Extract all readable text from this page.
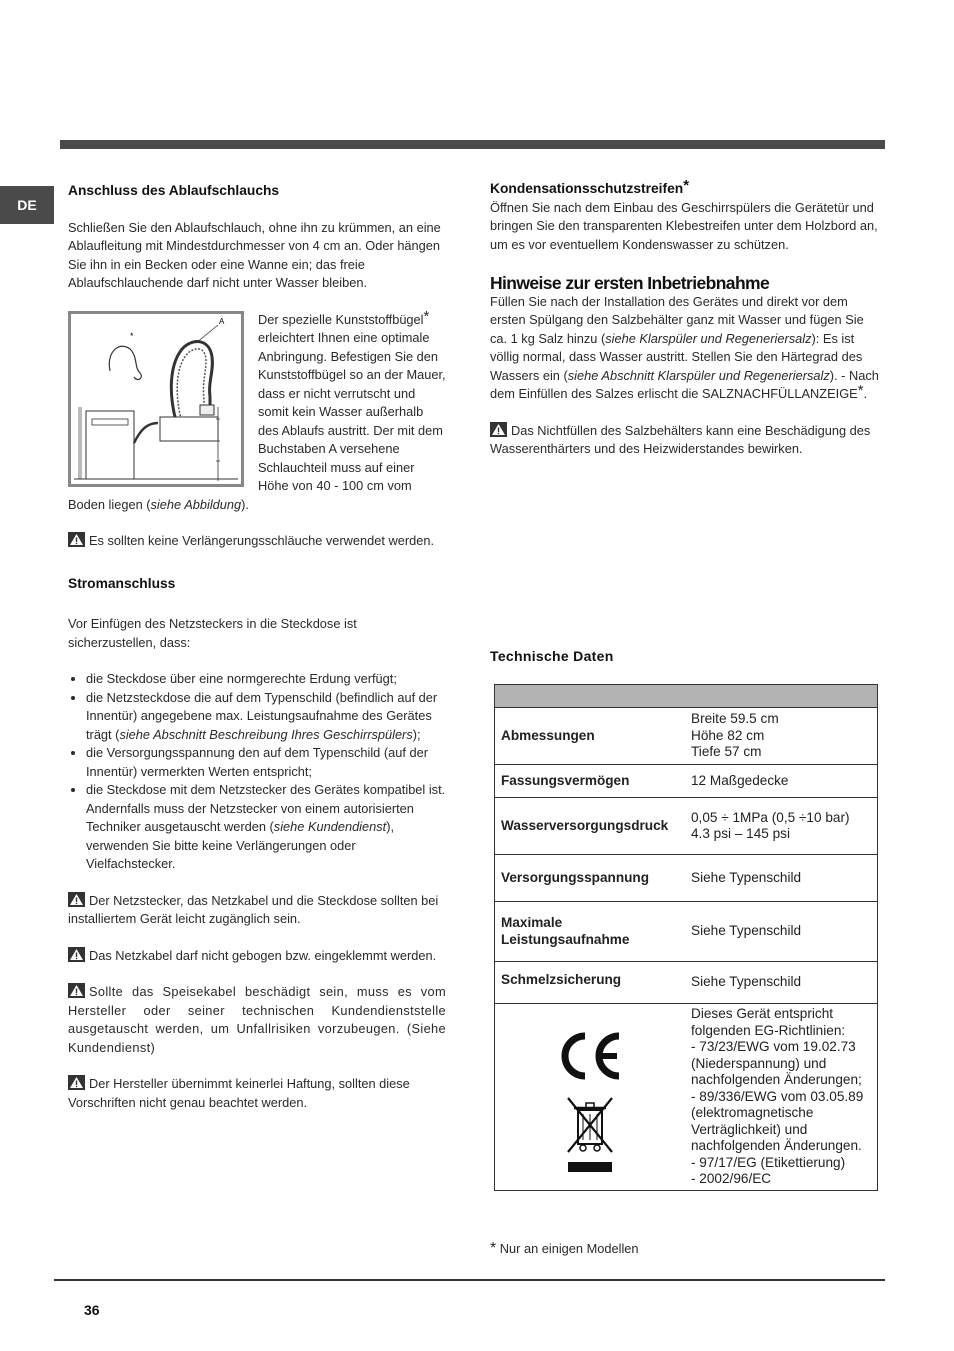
DE
Anschluss des Ablaufschlauchs

Schließen Sie den Ablaufschlauch, ohne ihn zu krümmen, an eine Ablaufleitung mit Mindestdurchmesser von 4 cm an. Oder hängen Sie ihn in ein Becken oder eine Wanne ein; das freie Ablaufschlauchende darf nicht unter Wasser bleiben.

*
A	Der spezielle Kunststoffbügel* erleichtert Ihnen eine optimale Anbringung. Befestigen Sie den Kunststoffbügel so an der Mauer, dass er nicht verrutscht und somit kein Wasser außerhalb des Ablaufs austritt. Der mit dem Buchstaben A versehene Schlauchteil muss auf einer Höhe von 40 - 100 cm vom Boden liegen (siehe Abbildung).

Es sollten keine Verlängerungsschläuche verwendet werden.

Stromanschluss

Vor Einfügen des Netzsteckers in die Steckdose ist sicherzustellen, dass:

• die Steckdose über eine normgerechte Erdung verfügt;
• die Netzsteckdose die auf dem Typenschild (befindlich auf der Innentür) angegebene max. Leistungsaufnahme des Gerätes trägt (siehe Abschnitt Beschreibung Ihres Geschirrspülers);
• die Versorgungsspannung den auf dem Typenschild (auf der Innentür) vermerkten Werten entspricht;
• die Steckdose mit dem Netzstecker des Gerätes kompatibel ist. Andernfalls muss der Netzstecker von einem autorisierten Techniker ausgetauscht werden (siehe Kundendienst), verwenden Sie bitte keine Verlängerungen oder Vielfachstecker.

Der Netzstecker, das Netzkabel und die Steckdose sollten bei installiertem Gerät leicht zugänglich sein.

Das Netzkabel darf nicht gebogen bzw. eingeklemmt werden.

Sollte das Speisekabel beschädigt sein, muss es vom Hersteller oder seiner technischen Kundendienststelle ausgetauscht werden, um Unfallrisiken vorzubeugen. (Siehe Kundendienst)

Der Hersteller übernimmt keinerlei Haftung, sollten diese Vorschriften nicht genau beachtet werden.

Kondensationsschutzstreifen*

Öffnen Sie nach dem Einbau des Geschirrspülers die Gerätetür und bringen Sie den transparenten Klebestreifen unter dem Holzbord an, um es vor eventuellem Kondenswasser zu schützen.

Hinweise zur ersten Inbetriebnahme

Füllen Sie nach der Installation des Gerätes und direkt vor dem ersten Spülgang den Salzbehälter ganz mit Wasser und fügen Sie ca. 1 kg Salz hinzu (siehe Klarspüler und Regeneriersalz): Es ist völlig normal, dass Wasser austritt. Stellen Sie den Härtegrad des Wassers ein (siehe Abschnitt Klarspüler und Regeneriersalz). - Nach dem Einfüllen des Salzes erlischt die SALZNACHFÜLLANZEIGE*.

Das Nichtfüllen des Salzbehälters kann eine Beschädigung des Wasserenthärters und des Heizwiderstandes bewirken.

Technische Daten

Abmessungen	Breite 59.5 cm
Höhe 82 cm
Tiefe 57 cm
Fassungsvermögen	12 Maßgedecke
Wasserversorgungsdruck	0,05 ÷ 1MPa (0,5 ÷10 bar)
4.3 psi – 145 psi
Versorgungsspannung	Siehe Typenschild
Maximale
Leistungsaufnahme	Siehe Typenschild
Schmelzsicherung	Siehe Typenschild

	Dieses Gerät entspricht folgenden EG-Richtlinien:
- 73/23/EWG vom 19.02.73 (Niederspannung) und nachfolgenden Änderungen;
- 89/336/EWG vom 03.05.89 (elektromagnetische Verträglichkeit) und nachfolgenden Änderungen.
- 97/17/EG (Etikettierung)
- 2002/96/EC
* Nur an einigen Modellen
36
